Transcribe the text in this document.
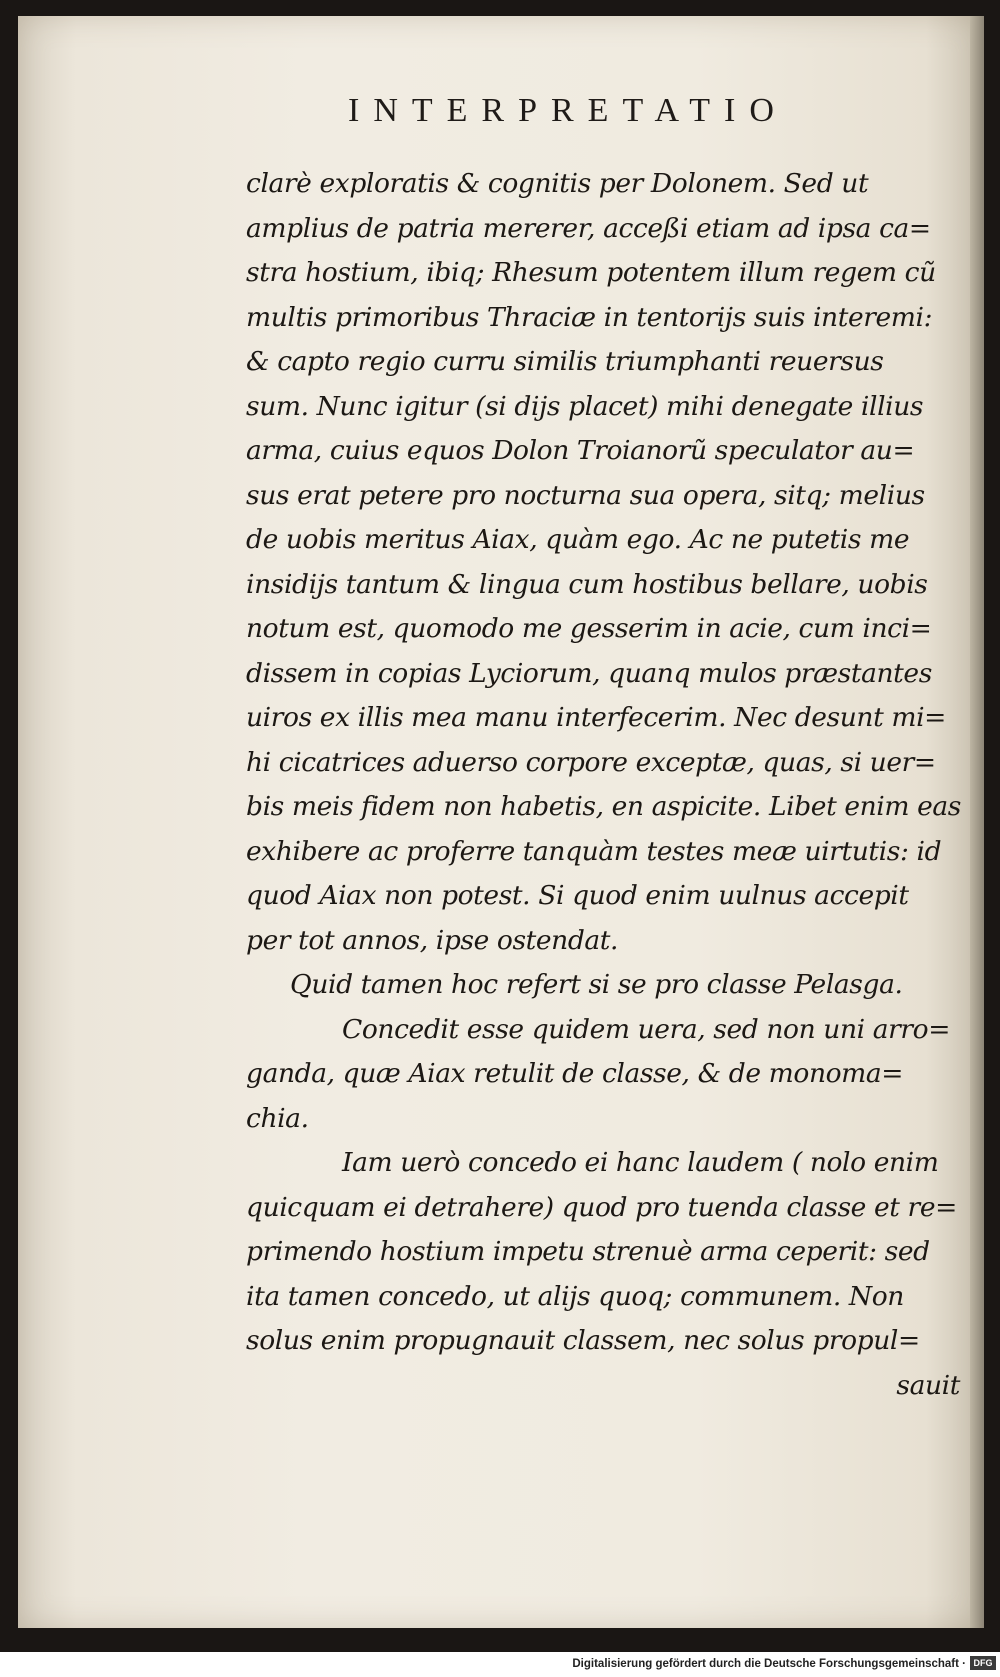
INTERPRETATIO
clarè exploratis & cognitis per Dolonem. Sed ut
amplius de patria mererer, acceßi etiam ad ipsa ca=
stra hostium, ibiq; Rhesum potentem illum regem cũ
multis primoribus Thraciæ in tentorijs suis interemi:
& capto regio curru similis triumphanti reuersus
sum. Nunc igitur (si dijs placet) mihi denegate illius
arma, cuius equos Dolon Troianorũ speculator au=
sus erat petere pro nocturna sua opera, sitq; melius
de uobis meritus Aiax, quàm ego. Ac ne putetis me
insidijs tantum & lingua cum hostibus bellare, uobis
notum est, quomodo me gesserim in acie, cum inci=
dissem in copias Lyciorum, quanq mulos præstantes
uiros ex illis mea manu interfecerim. Nec desunt mi=
hi cicatrices aduerso corpore exceptæ, quas, si uer=
bis meis fidem non habetis, en aspicite. Libet enim eas
exhibere ac proferre tanquàm testes meæ uirtutis: id
quod Aiax non potest. Si quod enim uulnus accepit
per tot annos, ipse ostendat.
Quid tamen hoc refert si se pro classe Pelasga.
Concedit esse quidem uera, sed non uni arro=
ganda, quæ Aiax retulit de classe, & de monoma=
chia.
Iam uerò concedo ei hanc laudem ( nolo enim
quicquam ei detrahere) quod pro tuenda classe et re=
primendo hostium impetu strenuè arma ceperit: sed
ita tamen concedo, ut alijs quoq; communem. Non
solus enim propugnauit classem, nec solus propul=
sauit
Digitalisierung gefördert durch die Deutsche Forschungsgemeinschaft · DFG
